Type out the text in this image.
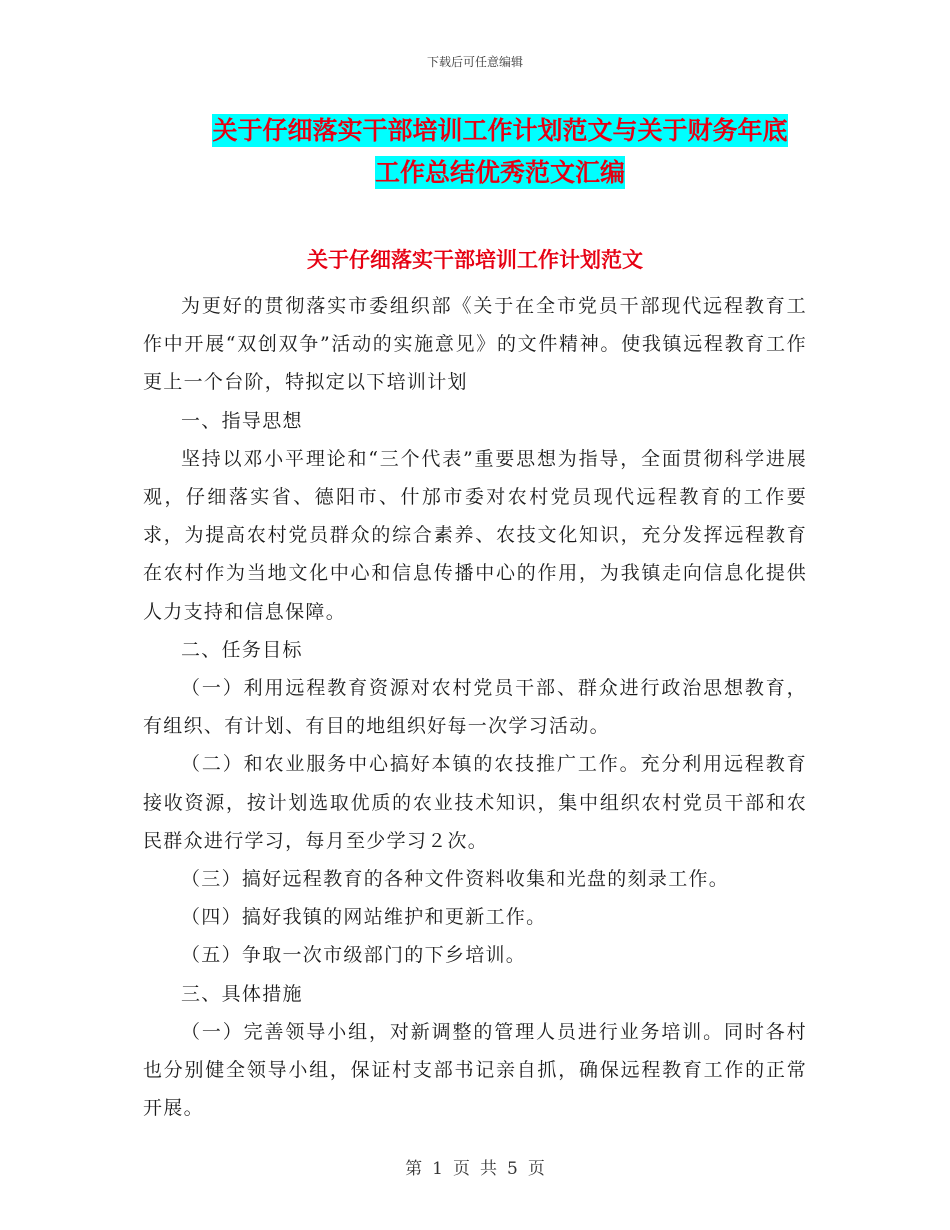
下载后可任意编辑
关于仔细落实干部培训工作计划范文与关于财务年底
工作总结优秀范文汇编
关于仔细落实干部培训工作计划范文

为更好的贯彻落实市委组织部《关于在全市党员干部现代远程教育工作中开展“双创双争”活动的实施意见》的文件精神。使我镇远程教育工作更上一个台阶，特拟定以下培训计划

一、指导思想

坚持以邓小平理论和“三个代表”重要思想为指导，全面贯彻科学进展观，仔细落实省、德阳市、什邡市委对农村党员现代远程教育的工作要求，为提高农村党员群众的综合素养、农技文化知识，充分发挥远程教育在农村作为当地文化中心和信息传播中心的作用，为我镇走向信息化提供人力支持和信息保障。

二、任务目标

（一）利用远程教育资源对农村党员干部、群众进行政治思想教育，有组织、有计划、有目的地组织好每一次学习活动。

（二）和农业服务中心搞好本镇的农技推广工作。充分利用远程教育接收资源，按计划选取优质的农业技术知识，集中组织农村党员干部和农民群众进行学习，每月至少学习２次。

（三）搞好远程教育的各种文件资料收集和光盘的刻录工作。

（四）搞好我镇的网站维护和更新工作。

（五）争取一次市级部门的下乡培训。

三、具体措施

（一）完善领导小组，对新调整的管理人员进行业务培训。同时各村也分别健全领导小组，保证村支部书记亲自抓，确保远程教育工作的正常开展。

第 1 页 共 5 页
